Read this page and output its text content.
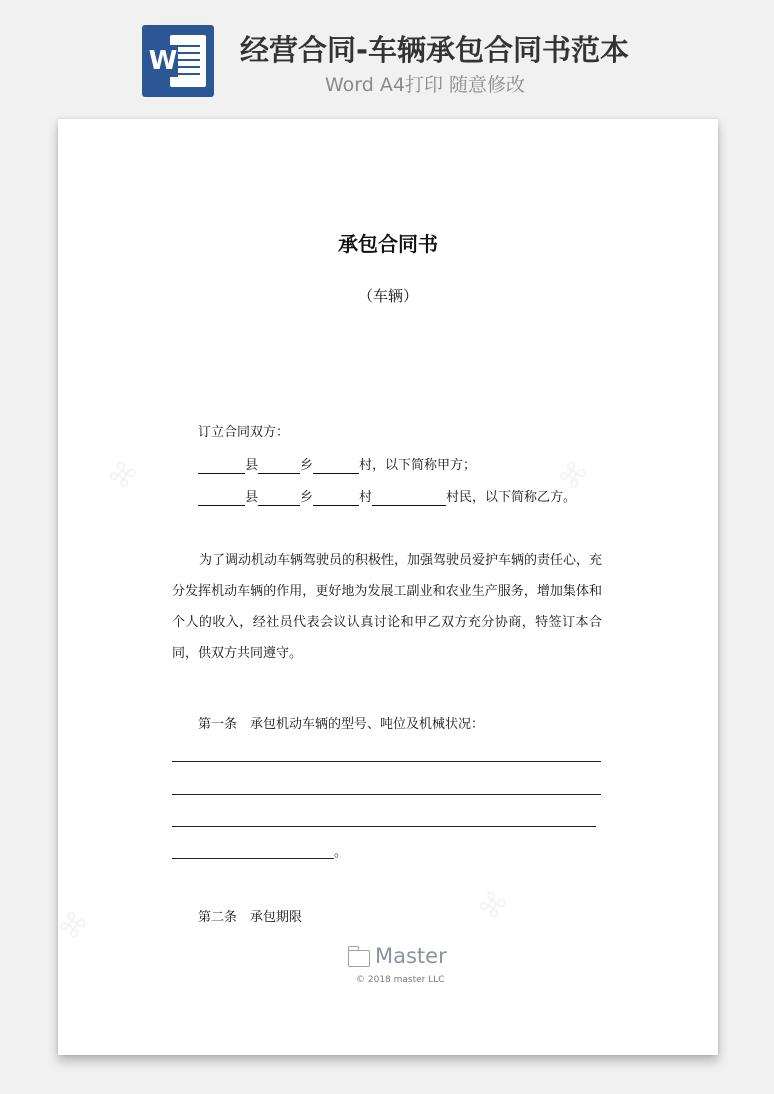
W 经营合同-车辆承包合同书范本
Word A4打印 随意修改
承包合同书
（车辆）
订立合同双方：
县	乡	村，以下简称甲方；
县	乡	村	村民，以下简称乙方。
为了调动机动车辆驾驶员的积极性，加强驾驶员爱护车辆的责任心，充分发挥机动车辆的作用，更好地为发展工副业和农业生产服务，增加集体和个人的收入，经社员代表会议认真讨论和甲乙双方充分协商，特签订本合同，供双方共同遵守。
第一条　承包机动车辆的型号、吨位及机械状况：
。
第二条　承包期限
Master
© 2018 master LLC
